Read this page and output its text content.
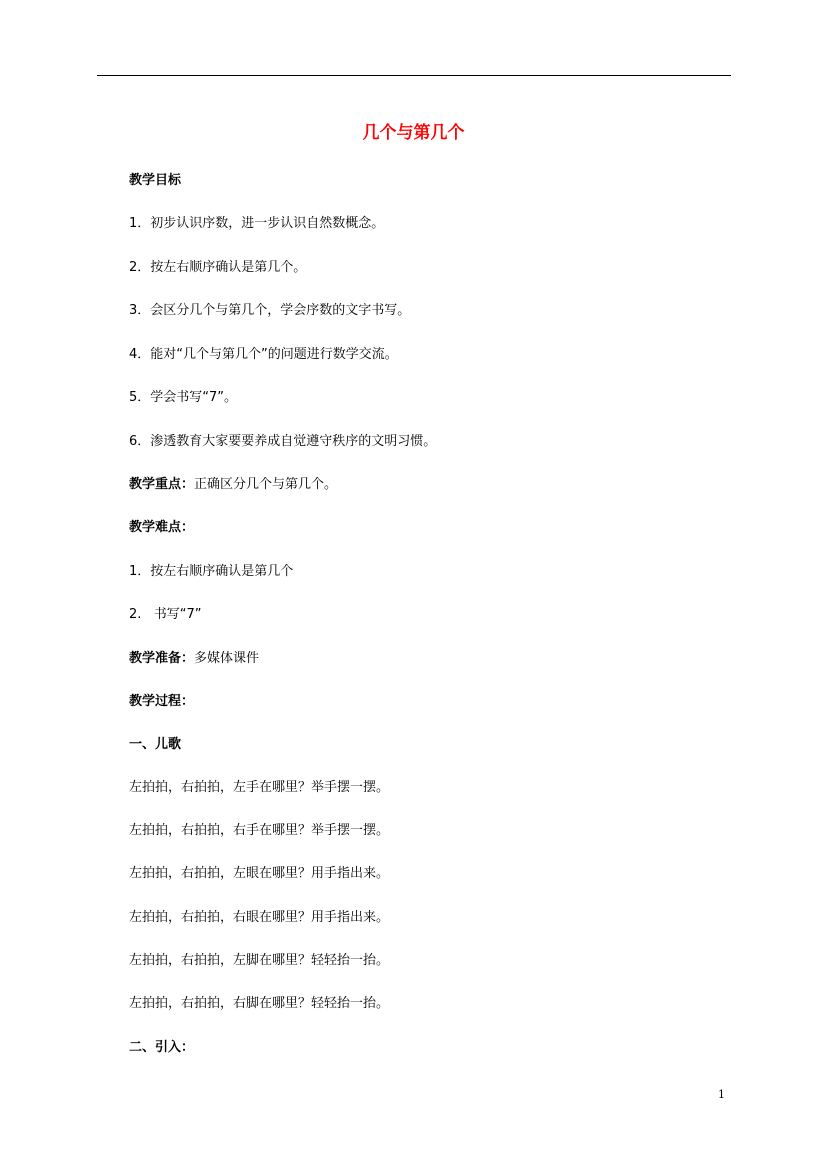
几个与第几个

教学目标

1．初步认识序数，进一步认识自然数概念。

2．按左右顺序确认是第几个。

3．会区分几个与第几个，学会序数的文字书写。

4．能对“几个与第几个”的问题进行数学交流。

5．学会书写“7”。

6．渗透教育大家要要养成自觉遵守秩序的文明习惯。

教学重点：正确区分几个与第几个。

教学难点：

1．按左右顺序确认是第几个

2.   书写“7”

教学准备：多媒体课件

教学过程：

一、儿歌

左拍拍，右拍拍，左手在哪里？举手摆一摆。

左拍拍，右拍拍，右手在哪里？举手摆一摆。

左拍拍，右拍拍，左眼在哪里？用手指出来。

左拍拍，右拍拍，右眼在哪里？用手指出来。

左拍拍，右拍拍，左脚在哪里？轻轻抬一抬。

左拍拍，右拍拍，右脚在哪里？轻轻抬一抬。

二、引入：

1
